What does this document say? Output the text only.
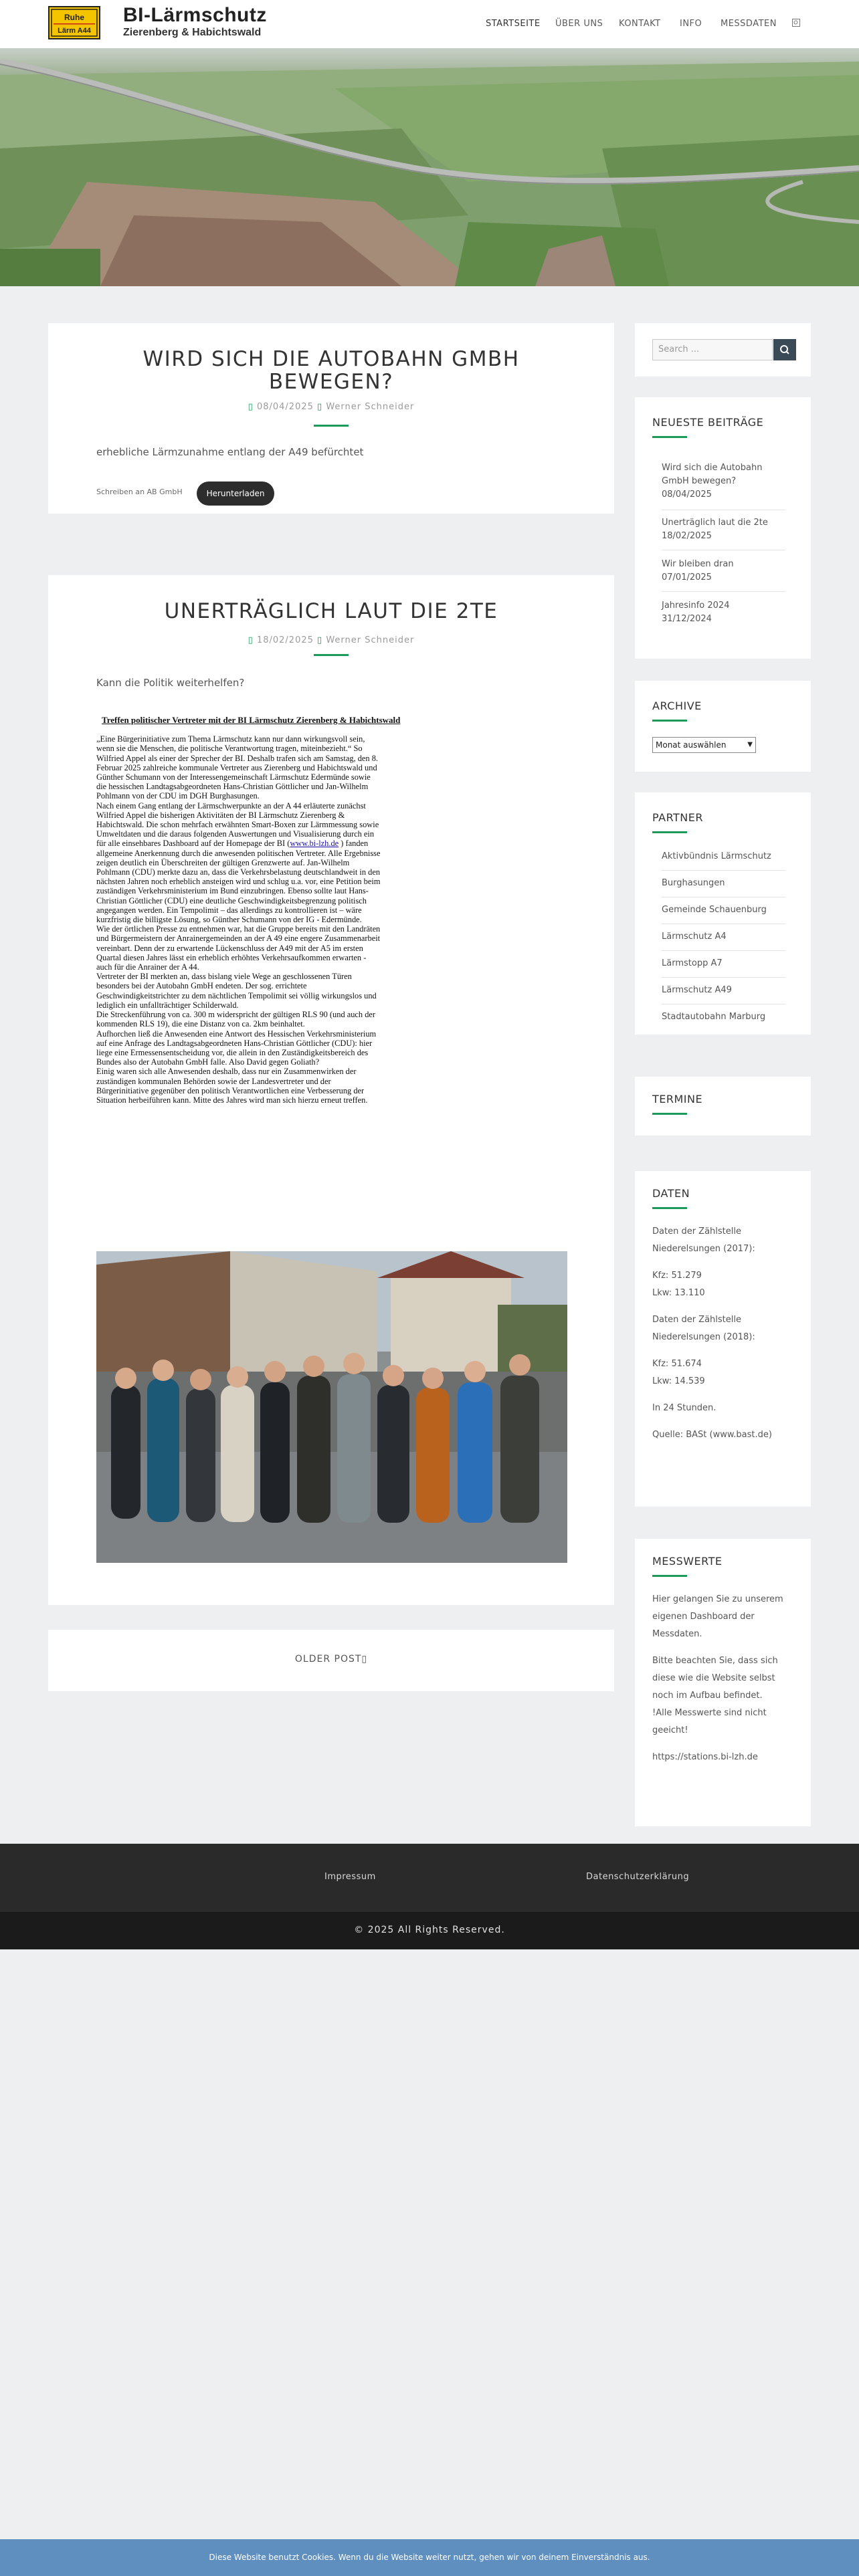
Ruhe
Lärm A44
BI-Lärmschutz
Zierenberg & Habichtswald
STARTSEITE ÜBER UNS KONTAKT INFO MESSDATEN
WIRD SICH DIE AUTOBAHN GMBH
BEWEGEN?
▯ 08/04/2025 ▯ Werner Schneider
erhebliche Lärmzunahme entlang der A49 befürchtet
Schreiben an AB GmbH	Herunterladen
UNERTRÄGLICH LAUT DIE 2TE
▯ 18/02/2025 ▯ Werner Schneider
Kann die Politik weiterhelfen?
Treffen politischer Vertreter mit der BI Lärmschutz Zierenberg & Habichtswald
„Eine Bürgerinitiative zum Thema Lärmschutz kann nur dann wirkungsvoll sein,
wenn sie die Menschen, die politische Verantwortung tragen, miteinbezieht.“ So
Wilfried Appel als einer der Sprecher der BI. Deshalb trafen sich am Samstag, den 8.
Februar 2025 zahlreiche kommunale Vertreter aus Zierenberg und Habichtswald und
Günther Schumann von der Interessengemeinschaft Lärmschutz Edermünde sowie
die hessischen Landtagsabgeordneten Hans-Christian Göttlicher und Jan-Wilhelm
Pohlmann von der CDU im DGH Burghasungen.
Nach einem Gang entlang der Lärmschwerpunkte an der A 44 erläuterte zunächst
Wilfried Appel die bisherigen Aktivitäten der BI Lärmschutz Zierenberg &
Habichtswald. Die schon mehrfach erwähnten Smart-Boxen zur Lärmmessung sowie
Umweltdaten und die daraus folgenden Auswertungen und Visualisierung durch ein
für alle einsehbares Dashboard auf der Homepage der BI (www.bi-lzh.de ) fanden
allgemeine Anerkennung durch die anwesenden politischen Vertreter. Alle Ergebnisse
zeigen deutlich ein Überschreiten der gültigen Grenzwerte auf. Jan-Wilhelm
Pohlmann (CDU) merkte dazu an, dass die Verkehrsbelastung deutschlandweit in den
nächsten Jahren noch erheblich ansteigen wird und schlug u.a. vor, eine Petition beim
zuständigen Verkehrsministerium im Bund einzubringen. Ebenso sollte laut Hans-
Christian Göttlicher (CDU) eine deutliche Geschwindigkeitsbegrenzung politisch
angegangen werden. Ein Tempolimit – das allerdings zu kontrollieren ist – wäre
kurzfristig die billigste Lösung, so Günther Schumann von der IG - Edermünde.
Wie der örtlichen Presse zu entnehmen war, hat die Gruppe bereits mit den Landräten
und Bürgermeistern der Anrainergemeinden an der A 49 eine engere Zusammenarbeit
vereinbart. Denn der zu erwartende Lückenschluss der A49 mit der A5 im ersten
Quartal diesen Jahres lässt ein erheblich erhöhtes Verkehrsaufkommen erwarten -
auch für die Anrainer der A 44.
Vertreter der BI merkten an, dass bislang viele Wege an geschlossenen Türen
besonders bei der Autobahn GmbH endeten. Der sog. errichtete
Geschwindigkeitstrichter zu dem nächtlichen Tempolimit sei völlig wirkungslos und
lediglich ein unfallträchtiger Schilderwald.
Die Streckenführung von ca. 300 m widerspricht der gültigen RLS 90 (und auch der
kommenden RLS 19), die eine Distanz von ca. 2km beinhaltet.
Aufhorchen ließ die Anwesenden eine Antwort des Hessischen Verkehrsministerium
auf eine Anfrage des Landtagsabgeordneten Hans-Christian Göttlicher (CDU): hier
liege eine Ermessensentscheidung vor, die allein in den Zuständigkeitsbereich des
Bundes also der Autobahn GmbH falle. Also David gegen Goliath?
Einig waren sich alle Anwesenden deshalb, dass nur ein Zusammenwirken der
zuständigen kommunalen Behörden sowie der Landesvertreter und der
Bürgerinitiative gegenüber den politisch Verantwortlichen eine Verbesserung der
Situation herbeiführen kann. Mitte des Jahres wird man sich hierzu erneut treffen.
OLDER POST▯
Search ...
NEUESTE BEITRÄGE
Wird sich die Autobahn
GmbH bewegen?
08/04/2025
Unerträglich laut die 2te
18/02/2025
Wir bleiben dran
07/01/2025
Jahresinfo 2024
31/12/2024
ARCHIVE
Monat auswählen	▼
PARTNER
Aktivbündnis Lärmschutz
Burghasungen
Gemeinde Schauenburg
Lärmschutz A4
Lärmstopp A7
Lärmschutz A49
Stadtautobahn Marburg
TERMINE
DATEN
Daten der Zählstelle
Niederelsungen (2017):
Kfz: 51.279
Lkw: 13.110
Daten der Zählstelle
Niederelsungen (2018):
Kfz: 51.674
Lkw: 14.539
In 24 Stunden.
Quelle: BASt (www.bast.de)
MESSWERTE
Hier gelangen Sie zu unserem
eigenen Dashboard der
Messdaten.
Bitte beachten Sie, dass sich
diese wie die Website selbst
noch im Aufbau befindet.
!Alle Messwerte sind nicht
geeicht!
https://stations.bi-lzh.de
Impressum	Datenschutzerklärung
© 2025 All Rights Reserved.
Diese Website benutzt Cookies. Wenn du die Website weiter nutzt, gehen wir von deinem Einverständnis aus.
